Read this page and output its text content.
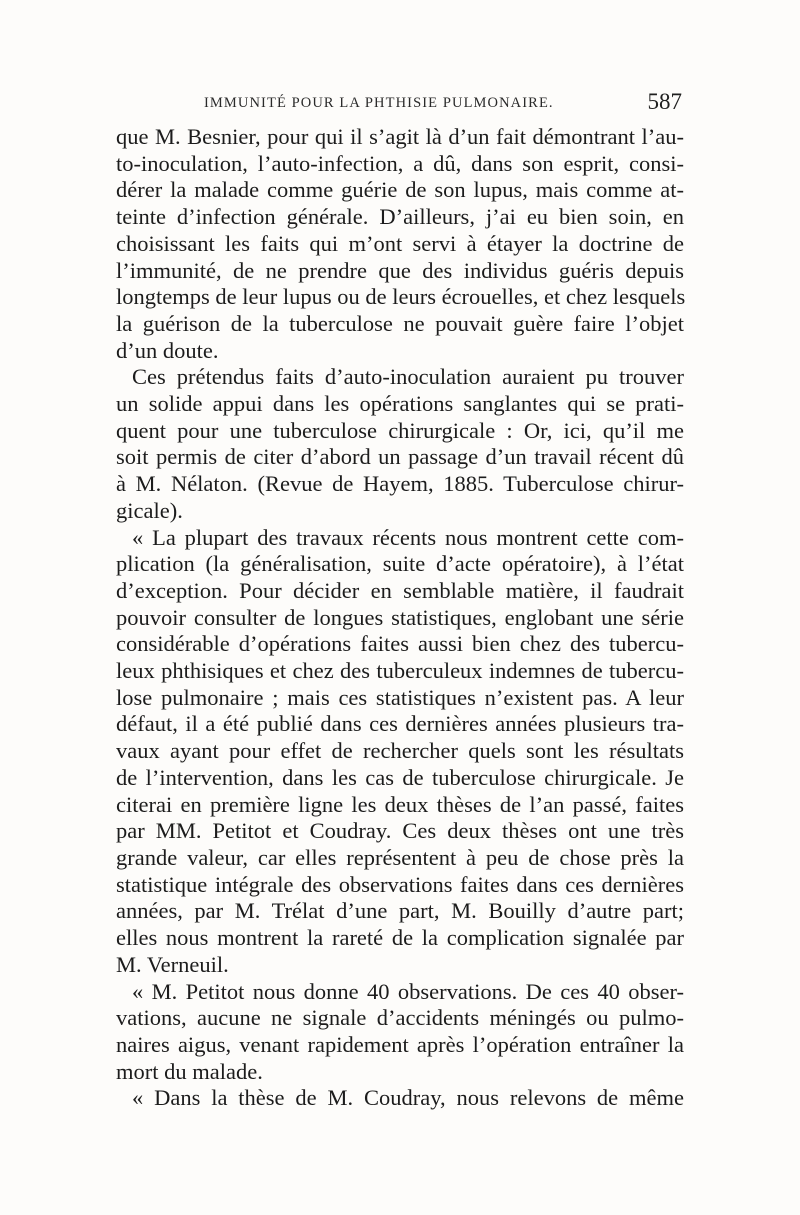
IMMUNITÉ POUR LA PHTHISIE PULMONAIRE.	587
que M. Besnier, pour qui il s’agit là d’un fait démontrant l’au-
to-inoculation, l’auto-infection, a dû, dans son esprit, consi-
dérer la malade comme guérie de son lupus, mais comme at-
teinte d’infection générale. D’ailleurs, j’ai eu bien soin, en
choisissant les faits qui m’ont servi à étayer la doctrine de
l’immunité, de ne prendre que des individus guéris depuis
longtemps de leur lupus ou de leurs écrouelles, et chez lesquels
la guérison de la tuberculose ne pouvait guère faire l’objet
d’un doute.
Ces prétendus faits d’auto-inoculation auraient pu trouver
un solide appui dans les opérations sanglantes qui se prati-
quent pour une tuberculose chirurgicale : Or, ici, qu’il me
soit permis de citer d’abord un passage d’un travail récent dû
à M. Nélaton. (Revue de Hayem, 1885. Tuberculose chirur-
gicale).
« La plupart des travaux récents nous montrent cette com-
plication (la généralisation, suite d’acte opératoire), à l’état
d’exception. Pour décider en semblable matière, il faudrait
pouvoir consulter de longues statistiques, englobant une série
considérable d’opérations faites aussi bien chez des tubercu-
leux phthisiques et chez des tuberculeux indemnes de tubercu-
lose pulmonaire ; mais ces statistiques n’existent pas. A leur
défaut, il a été publié dans ces dernières années plusieurs tra-
vaux ayant pour effet de rechercher quels sont les résultats
de l’intervention, dans les cas de tuberculose chirurgicale. Je
citerai en première ligne les deux thèses de l’an passé, faites
par MM. Petitot et Coudray. Ces deux thèses ont une très
grande valeur, car elles représentent à peu de chose près la
statistique intégrale des observations faites dans ces dernières
années, par M. Trélat d’une part, M. Bouilly d’autre part;
elles nous montrent la rareté de la complication signalée par
M. Verneuil.
« M. Petitot nous donne 40 observations. De ces 40 obser-
vations, aucune ne signale d’accidents méningés ou pulmo-
naires aigus, venant rapidement après l’opération entraîner la
mort du malade.
« Dans la thèse de M. Coudray, nous relevons de même
